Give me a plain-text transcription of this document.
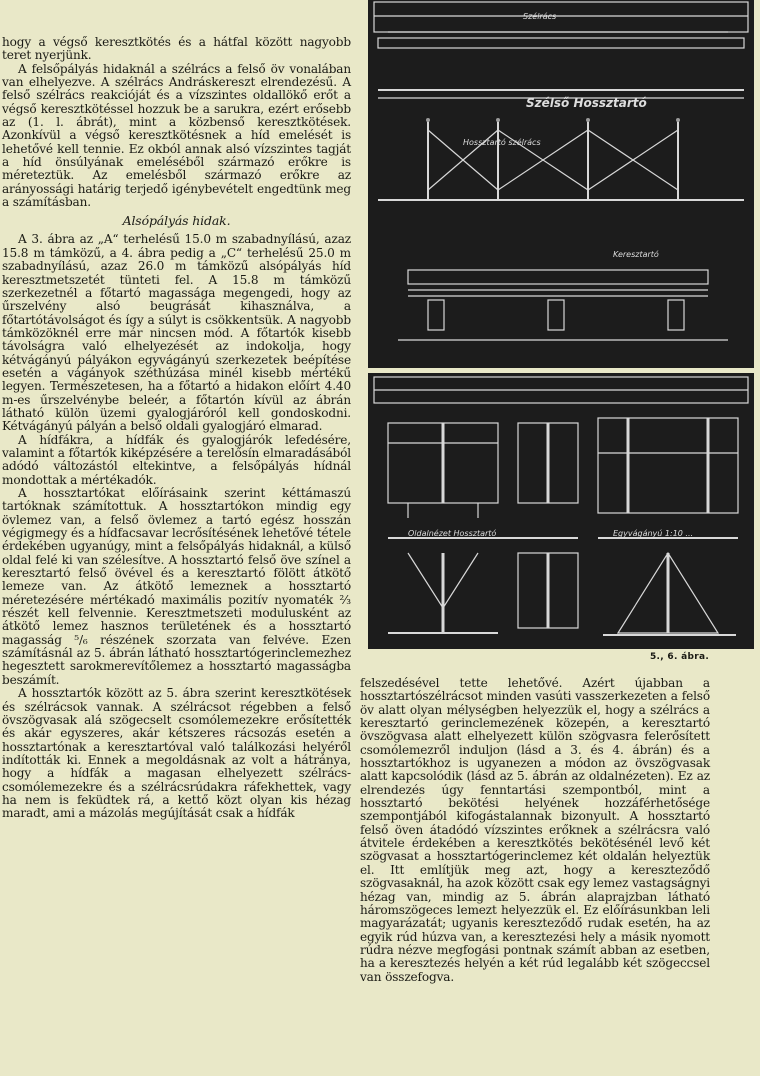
hogy a végső keresztkötés és a hátfal között nagyobb teret nyerjünk.

A felsőpályás hidaknál a szélrács a felső öv vonalában van elhelyezve. A szélrács Andráskereszt elrendezésű. A felső szélrács reakcióját és a vízszintes oldallökő erőt a végső keresztkötéssel hozzuk be a sarukra, ezért erősebb az (1. l. ábrát), mint a közbenső keresztkötések. Azonkívül a végső keresztkötésnek a híd emelését is lehetővé kell tennie. Ez okból annak alsó vízszintes tagját a híd önsúlyának emeléséből származó erőkre is méreteztük. Az emelésből származó erőkre az arányossági határig terjedő igénybevételt engedtünk meg a számításban.

Alsópályás hidak.

A 3. ábra az „A“ terhelésű 15.0 m szabadnyílású, azaz 15.8 m támközű, a 4. ábra pedig a „C“ terhelésű 25.0 m szabadnyílású, azaz 26.0 m támközű alsópályás híd keresztmetszetét tünteti fel. A 15.8 m támközű szerkezetnél a főtartó magassága megengedi, hogy az űrszelvény alsó beugrását kihasználva, a főtartótávolságot és így a súlyt is csökkentsük. A nagyobb támközöknél erre már nincsen mód. A főtartók kisebb távolságra való elhelyezését az indokolja, hogy kétvágányú pályákon egyvágányú szerkezetek beépítése esetén a vágányok széthúzása minél kisebb mértékű legyen. Természetesen, ha a főtartó a hidakon előírt 4.40 m-es űrszelvénybe beleér, a főtartón kívül az ábrán látható külön üzemi gyalogjáróról kell gondoskodni. Kétvágányú pályán a belső oldali gyalogjáró elmarad.

A hídfákra, a hídfák és gyalogjárók lefedésére, valamint a főtartók kiképzésére a terelősín elmaradásából adódó változástól eltekintve, a felsőpályás hídnál mondottak a mértékadók.

A hossztartókat előírásaink szerint kéttámaszú tartóknak számítottuk. A hossztartókon mindig egy övlemez van, a felső övlemez a tartó egész hosszán végigmegy és a hídfacsavar lecrősítésének lehetővé tétele érdekében ugyanúgy, mint a felsőpályás hidaknál, a külső oldal felé ki van szélesítve. A hossztartó felső öve színel a keresztartó felső övével és a keresztartó fölött átkötő lemeze van. Az átkötő lemeznek a hossztartó méretezésére mértékadó maximális pozitív nyomaték ⅔ részét kell felvennie. Keresztmetszeti modulusként az átkötő lemez hasznos területének és a hossztartó magasság ⁵/₆ részének szorzata van felvéve. Ezen számításnál az 5. ábrán látható hossztartógerinclemezhez hegesztett sarokmerevítőlemez a hossztartó magasságba beszámít.

A hossztartók között az 5. ábra szerint keresztkötések és szélrácsok vannak. A szélrácsot régebben a felső övszögvasak alá szögecselt csomólemezekre erősítették és akár egyszeres, akár kétszeres rácsozás esetén a hossztartónak a keresztartóval való találkozási helyéről indították ki. Ennek a megoldásnak az volt a hátránya, hogy a hídfák a magasan elhelyezett szélrács-csomólemezekre és a szélrácsrúdakra ráfekhettek, vagy ha nem is feküdtek rá, a kettő közt olyan kis hézag maradt, ami a mázolás megújítását csak a hídfák

Szélső Hossztartó
Hossztartó szélrács
Szélrács
Keresztartó
Oldalnézet Hossztartó	Egyvágányú 1:10 ...
5., 6. ábra.

felszedésével tette lehetővé. Azért újabban a hossztartószélrácsot minden vasúti vasszerkezeten a felső öv alatt olyan mélységben helyezzük el, hogy a szélrács a keresztartó gerinclemezének közepén, a keresztartó övszögvasa alatt elhelyezett külön szögvasra felerősített csomólemezről induljon (lásd a 3. és 4. ábrán) és a hossztartókhoz is ugyanezen a módon az övszögvasak alatt kapcsolódik (lásd az 5. ábrán az oldalnézeten). Ez az elrendezés úgy fenntartási szempontból, mint a hossztartó bekötési helyének hozzáférhetősége szempontjából kifogástalannak bizonyult. A hossztartó felső öven átadódó vízszintes erőknek a szélrácsra való átvitele érdekében a keresztkötés bekötésénél levő két szögvasat a hossztartógerinclemez két oldalán helyeztük el. Itt említjük meg azt, hogy a kereszteződő szögvasaknál, ha azok között csak egy lemez vastagságnyi hézag van, mindig az 5. ábrán alaprajzban látható háromszögeces lemezt helyezzük el. Ez előírásunkban leli magyarázatát; ugyanis kereszteződő rudak esetén, ha az egyik rúd húzva van, a keresztezési hely a másik nyomott rúdra nézve megfogási pontnak számít abban az esetben, ha a keresztezés helyén a két rúd legalább két szögeccsel van összefogva.
